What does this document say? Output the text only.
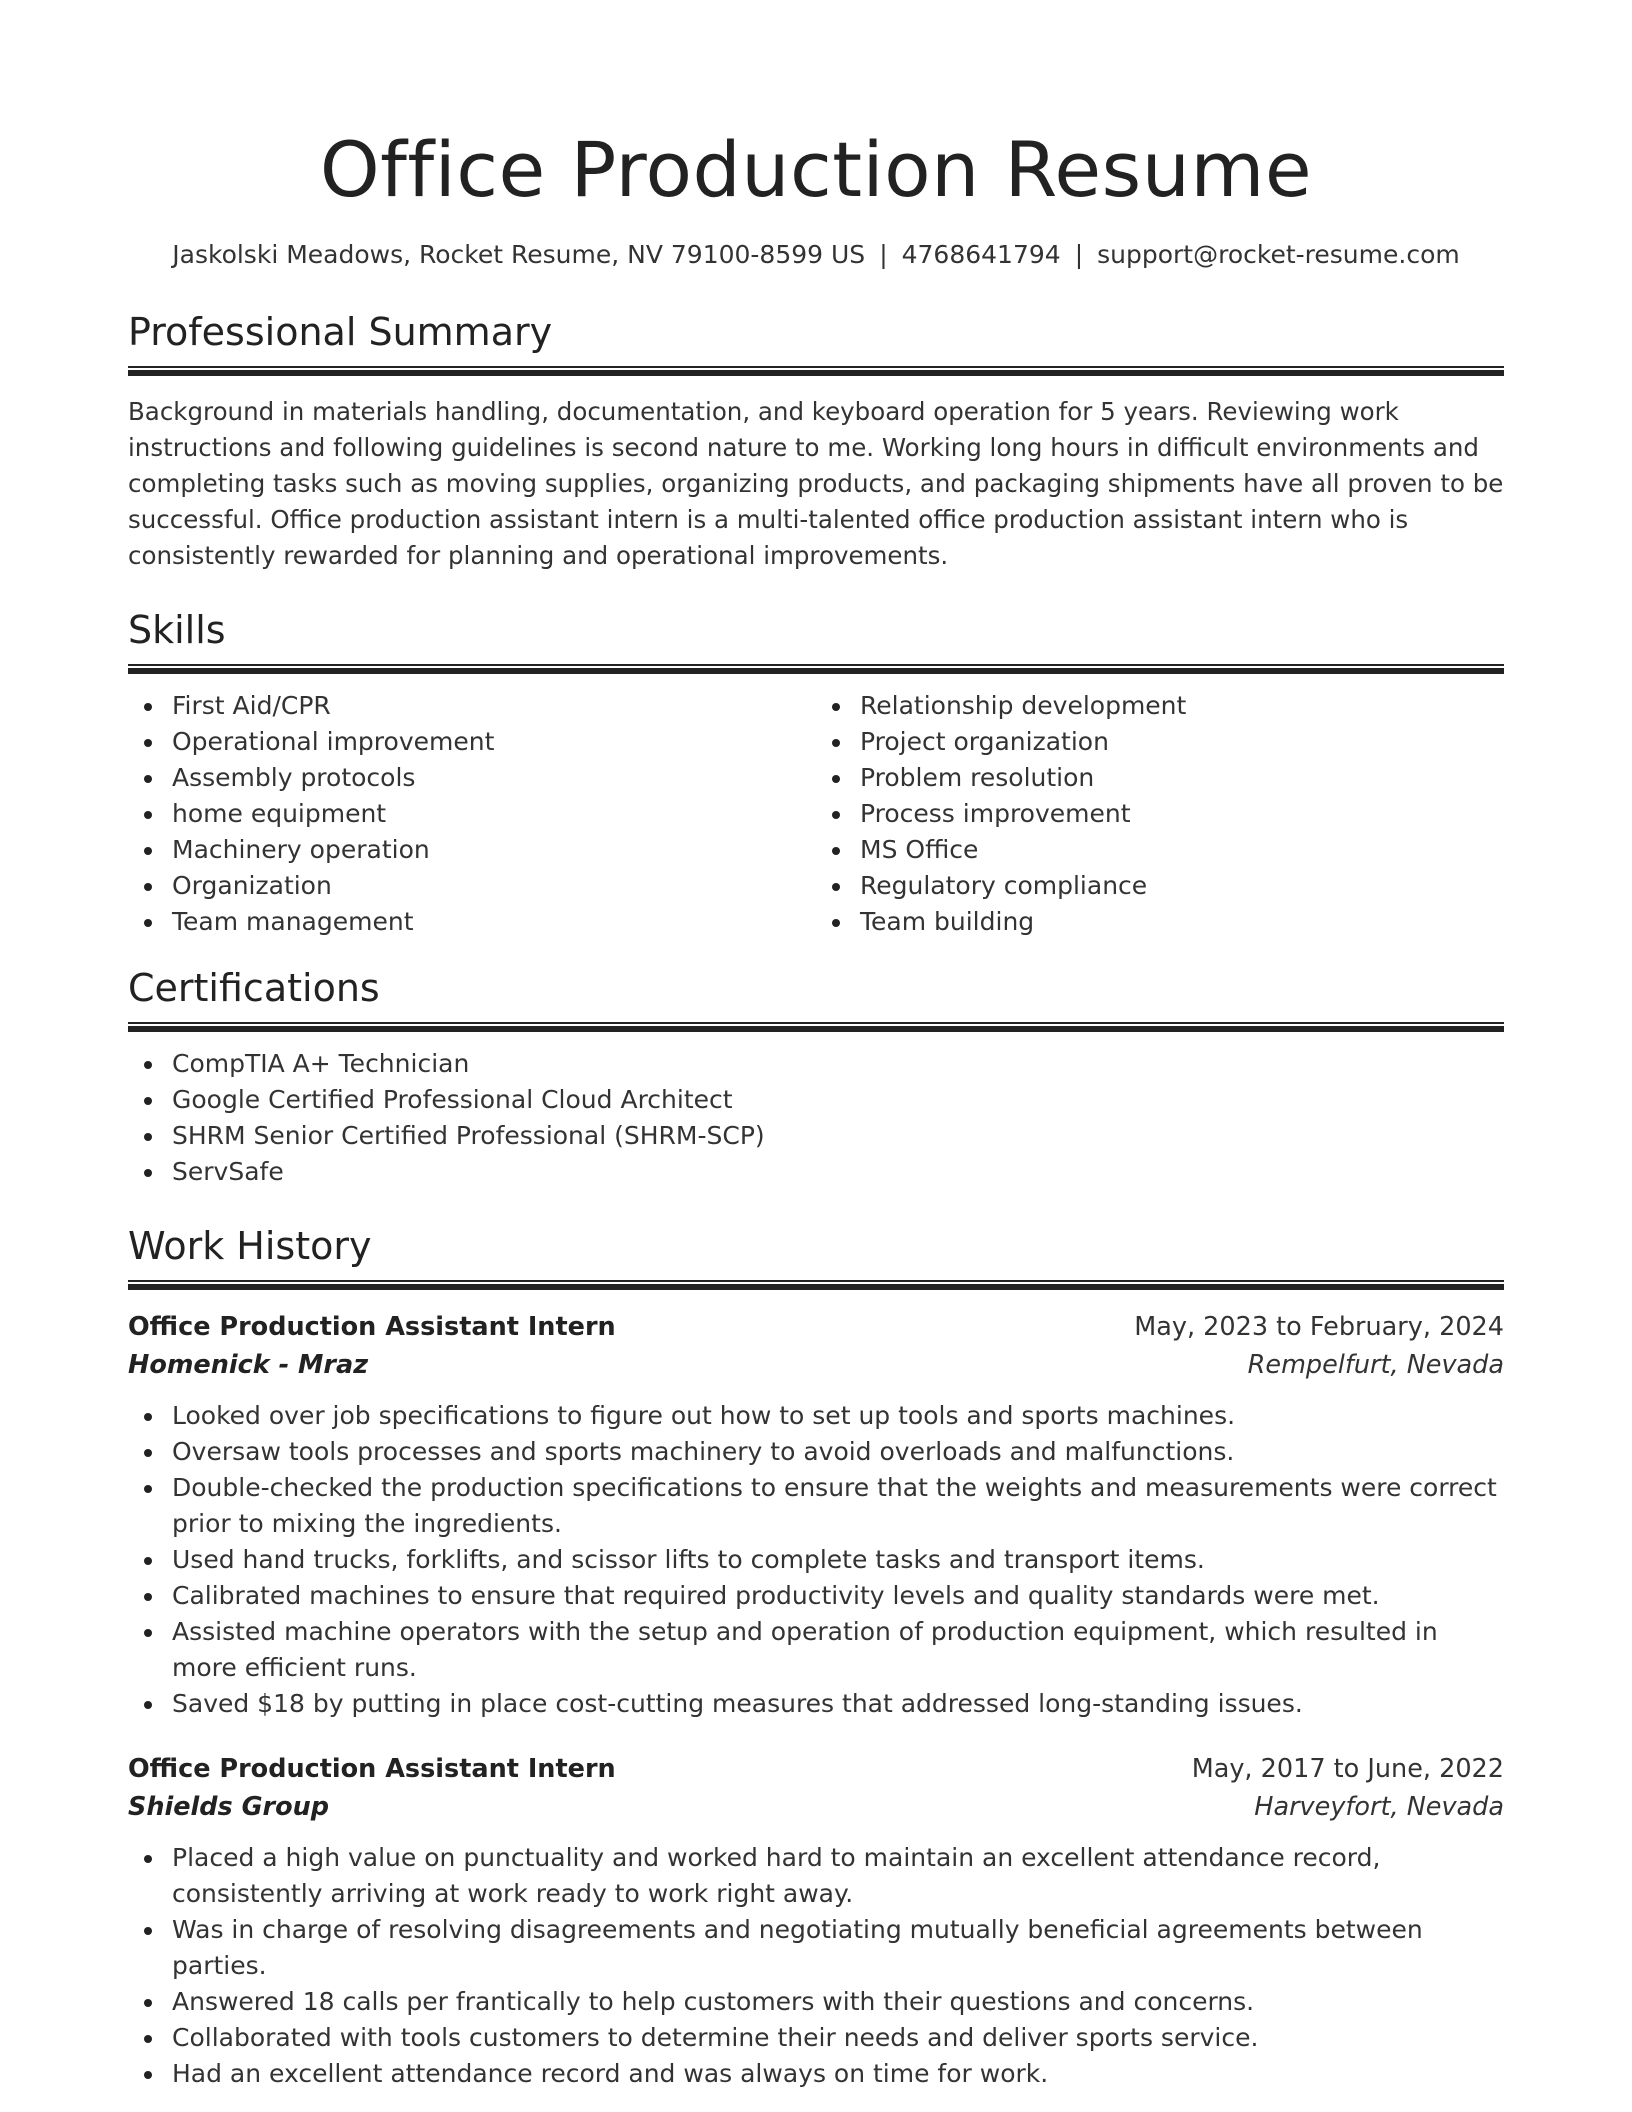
Office Production Resume
Jaskolski Meadows, Rocket Resume, NV 79100-8599 US | 4768641794 | support@rocket-resume.com
Professional Summary

Background in materials handling, documentation, and keyboard operation for 5 years. Reviewing work instructions and following guidelines is second nature to me. Working long hours in difficult environments and completing tasks such as moving supplies, organizing products, and packaging shipments have all proven to be successful. Office production assistant intern is a multi-talented office production assistant intern who is consistently rewarded for planning and operational improvements.

Skills
First Aid/CPR
Operational improvement
Assembly protocols
home equipment
Machinery operation
Organization
Team management
Relationship development
Project organization
Problem resolution
Process improvement
MS Office
Regulatory compliance
Team building
Certifications
CompTIA A+ Technician
Google Certified Professional Cloud Architect
SHRM Senior Certified Professional (SHRM-SCP)
ServSafe
Work History
Office Production Assistant Intern	May, 2023 to February, 2024
Homenick - Mraz	Rempelfurt, Nevada
Looked over job specifications to figure out how to set up tools and sports machines.
Oversaw tools processes and sports machinery to avoid overloads and malfunctions.
Double-checked the production specifications to ensure that the weights and measurements were correct prior to mixing the ingredients.
Used hand trucks, forklifts, and scissor lifts to complete tasks and transport items.
Calibrated machines to ensure that required productivity levels and quality standards were met.
Assisted machine operators with the setup and operation of production equipment, which resulted in more efficient runs.
Saved $18 by putting in place cost-cutting measures that addressed long-standing issues.
Office Production Assistant Intern	May, 2017 to June, 2022
Shields Group	Harveyfort, Nevada
Placed a high value on punctuality and worked hard to maintain an excellent attendance record, consistently arriving at work ready to work right away.
Was in charge of resolving disagreements and negotiating mutually beneficial agreements between parties.
Answered 18 calls per frantically to help customers with their questions and concerns.
Collaborated with tools customers to determine their needs and deliver sports service.
Had an excellent attendance record and was always on time for work.
